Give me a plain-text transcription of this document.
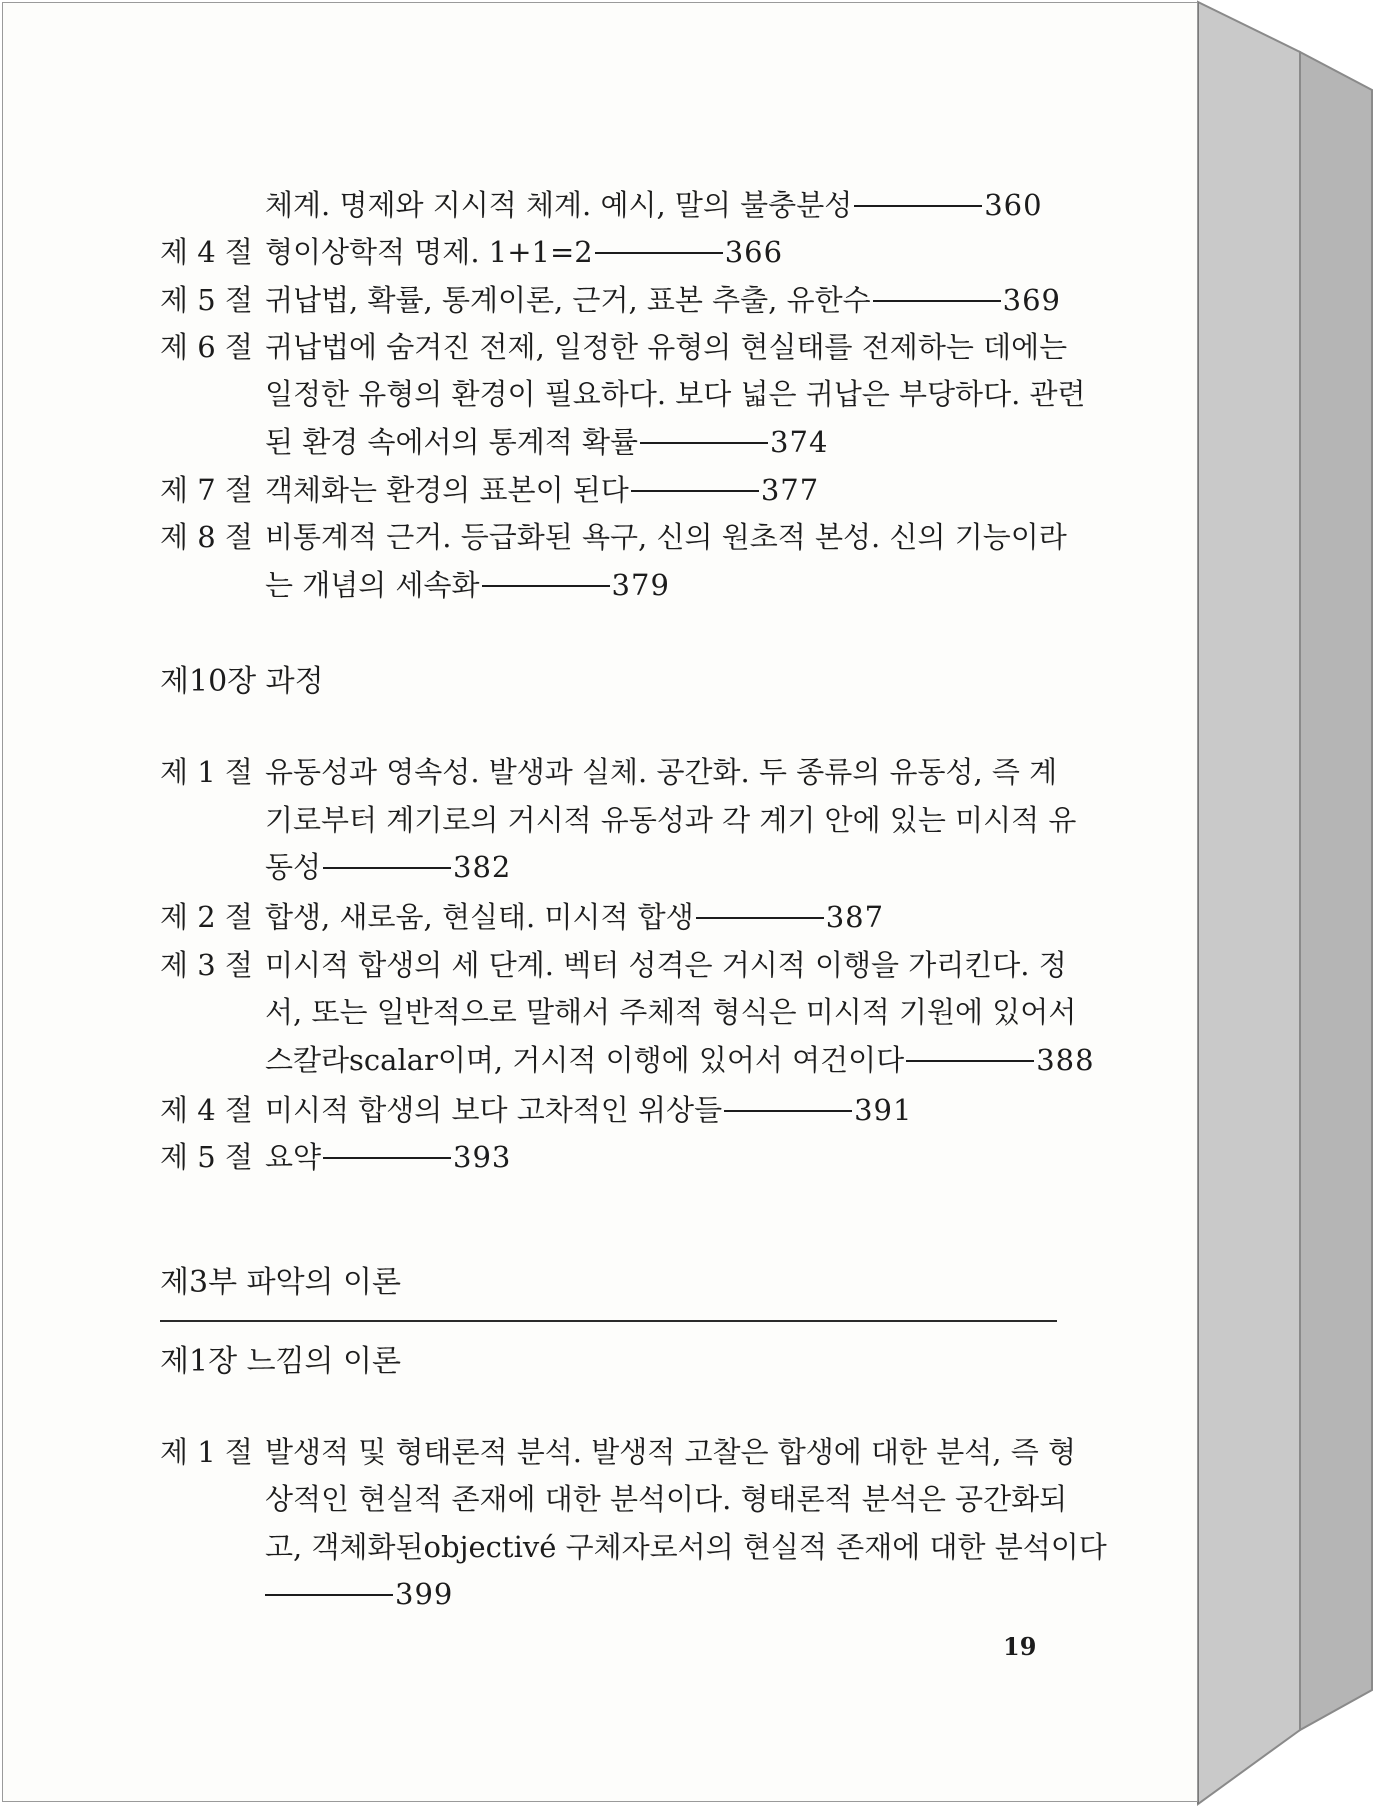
체계. 명제와 지시적 체계. 예시, 말의 불충분성	360
제 4 절 형이상학적 명제. 1+1=2	366
제 5 절 귀납법, 확률, 통계이론, 근거, 표본 추출, 유한수	369
제 6 절 귀납법에 숨겨진 전제, 일정한 유형의 현실태를 전제하는 데에는
일정한 유형의 환경이 필요하다. 보다 넓은 귀납은 부당하다. 관련
된 환경 속에서의 통계적 확률	374
제 7 절 객체화는 환경의 표본이 된다	377
제 8 절 비통계적 근거. 등급화된 욕구, 신의 원초적 본성. 신의 기능이라
는 개념의 세속화	379
제10장 과정
제 1 절 유동성과 영속성. 발생과 실체. 공간화. 두 종류의 유동성, 즉 계
기로부터 계기로의 거시적 유동성과 각 계기 안에 있는 미시적 유
동성	382
제 2 절 합생, 새로움, 현실태. 미시적 합생	387
제 3 절 미시적 합생의 세 단계. 벡터 성격은 거시적 이행을 가리킨다. 정
서, 또는 일반적으로 말해서 주체적 형식은 미시적 기원에 있어서
스칼라scalar이며, 거시적 이행에 있어서 여건이다	388
제 4 절 미시적 합생의 보다 고차적인 위상들	391
제 5 절 요약	393
제3부 파악의 이론
제1장 느낌의 이론
제 1 절 발생적 및 형태론적 분석. 발생적 고찰은 합생에 대한 분석, 즉 형
상적인 현실적 존재에 대한 분석이다. 형태론적 분석은 공간화되
고, 객체화된objectivé 구체자로서의 현실적 존재에 대한 분석이다
399
19
